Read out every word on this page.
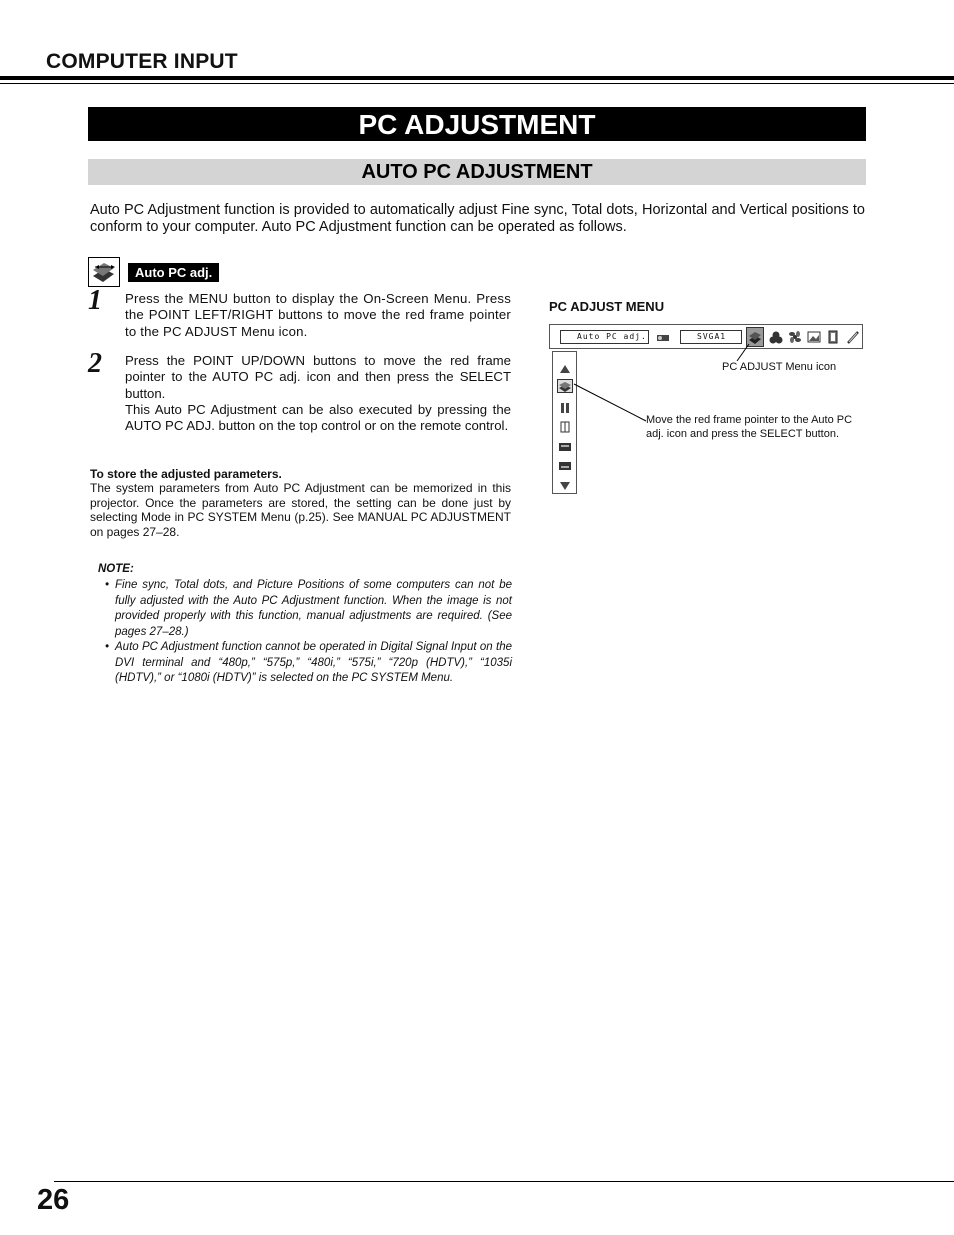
COMPUTER INPUT
PC ADJUSTMENT
AUTO PC ADJUSTMENT
Auto PC Adjustment function is provided to automatically adjust Fine sync, Total dots, Horizontal and Vertical positions to conform to your computer. Auto PC Adjustment function can be operated as follows.
Auto PC adj.
1 Press the MENU button to display the On-Screen Menu. Press the POINT LEFT/RIGHT buttons to move the red frame pointer to the PC ADJUST Menu icon.
2 Press the POINT UP/DOWN buttons to move the red frame pointer to the AUTO PC adj. icon and then press the SELECT button.
This Auto PC Adjustment can be also executed by pressing the AUTO PC ADJ. button on the top control or on the remote control.
To store the adjusted parameters.
The system parameters from Auto PC Adjustment can be memorized in this projector. Once the parameters are stored, the setting can be done just by selecting Mode in PC SYSTEM Menu (p.25). See MANUAL PC ADJUSTMENT on pages 27–28.
NOTE:
• Fine sync, Total dots, and Picture Positions of some computers can not be fully adjusted with the Auto PC Adjustment function. When the image is not provided properly with this function, manual adjustments are required. (See pages 27–28.)
• Auto PC Adjustment function cannot be operated in Digital Signal Input on the DVI terminal and “480p,” “575p,” “480i,” “575i,” “720p (HDTV),” “1035i (HDTV),” or “1080i (HDTV)” is selected on the PC SYSTEM Menu.
PC ADJUST MENU
Auto PC adj.	SVGA1
PC ADJUST Menu icon
Move the red frame pointer to the Auto PC adj. icon and press the SELECT button.
26
